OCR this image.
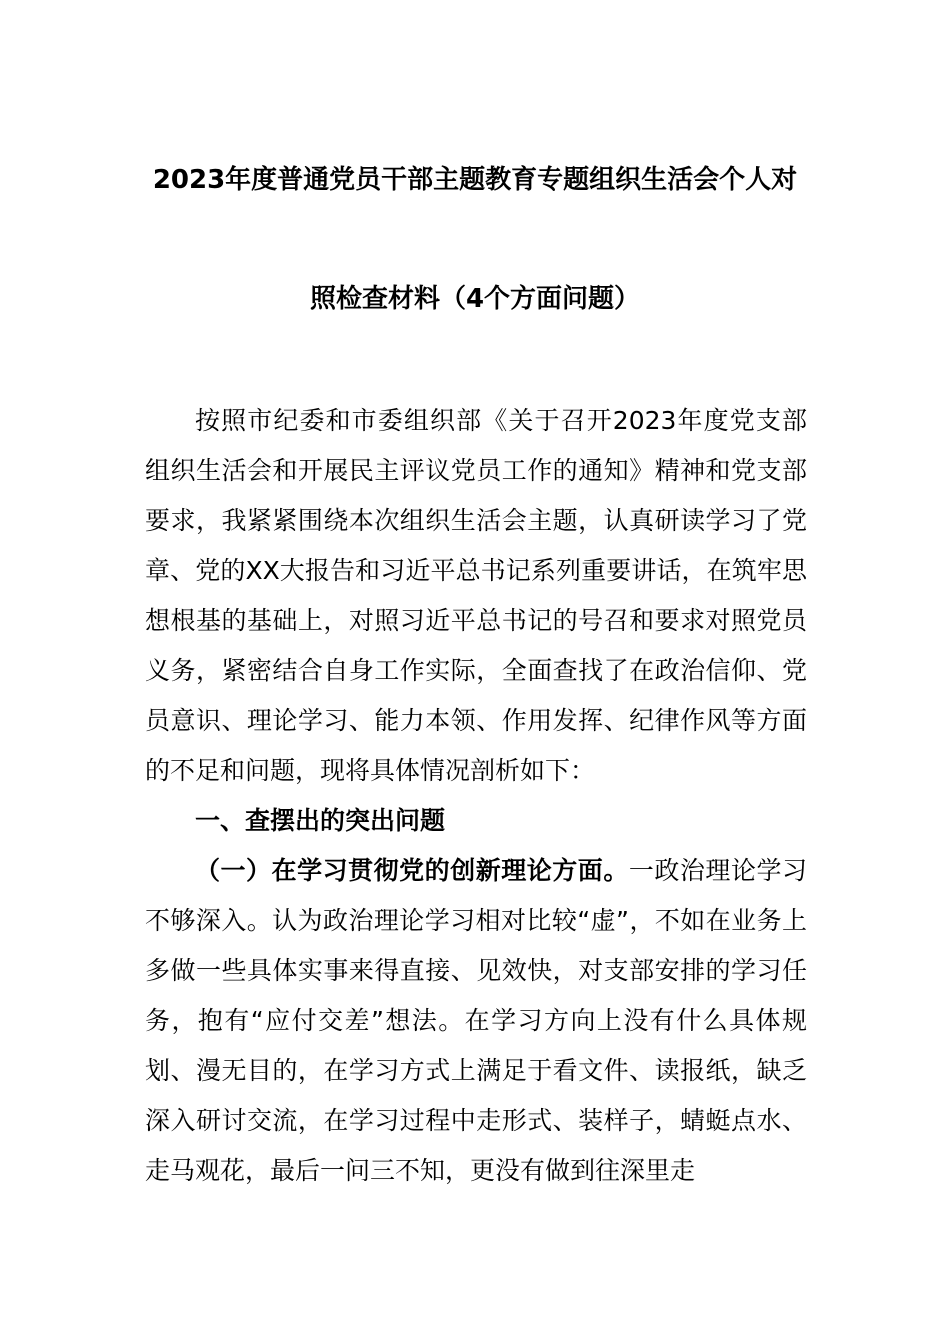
2023年度普通党员干部主题教育专题组织生活会个人对
照检查材料（4个方面问题）

按照市纪委和市委组织部《关于召开2023年度党支部组织生活会和开展民主评议党员工作的通知》精神和党支部要求，我紧紧围绕本次组织生活会主题，认真研读学习了党章、党的XX大报告和习近平总书记系列重要讲话，在筑牢思想根基的基础上，对照习近平总书记的号召和要求对照党员义务，紧密结合自身工作实际，全面查找了在政治信仰、党员意识、理论学习、能力本领、作用发挥、纪律作风等方面的不足和问题，现将具体情况剖析如下：

一、查摆出的突出问题

（一）在学习贯彻党的创新理论方面。一政治理论学习不够深入。认为政治理论学习相对比较“虚”，不如在业务上多做一些具体实事来得直接、见效快，对支部安排的学习任务，抱有“应付交差”想法。在学习方向上没有什么具体规划、漫无目的，在学习方式上满足于看文件、读报纸，缺乏深入研讨交流，在学习过程中走形式、装样子，蜻蜓点水、走马观花，最后一问三不知，更没有做到往深里走
